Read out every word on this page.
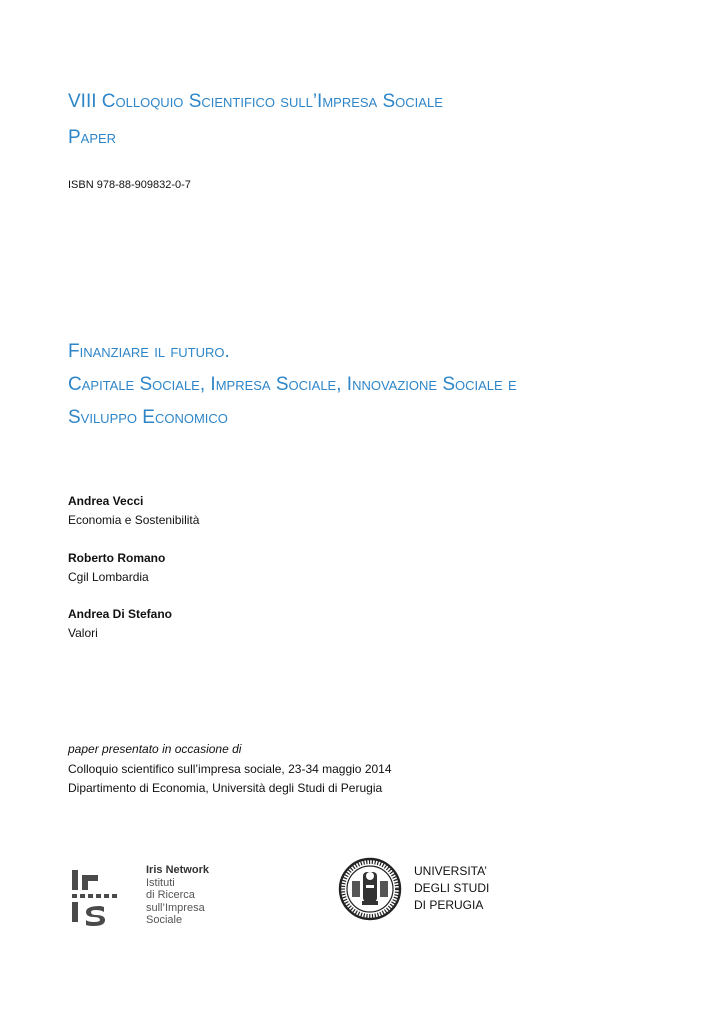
VIII Colloquio Scientifico sull’Impresa Sociale
Paper
ISBN 978-88-909832-0-7
Finanziare il futuro.
Capitale Sociale, Impresa Sociale, Innovazione Sociale e
Sviluppo Economico
Andrea Vecci
Economia e Sostenibilità
Roberto Romano
Cgil Lombardia
Andrea Di Stefano
Valori
paper presentato in occasione di
Colloquio scientifico sull’impresa sociale, 23-34 maggio 2014
Dipartimento di Economia, Università degli Studi di Perugia
Iris Network
Istituti
di Ricerca
sull’Impresa
Sociale
UNIVERSITA’
DEGLI STUDI
DI PERUGIA
